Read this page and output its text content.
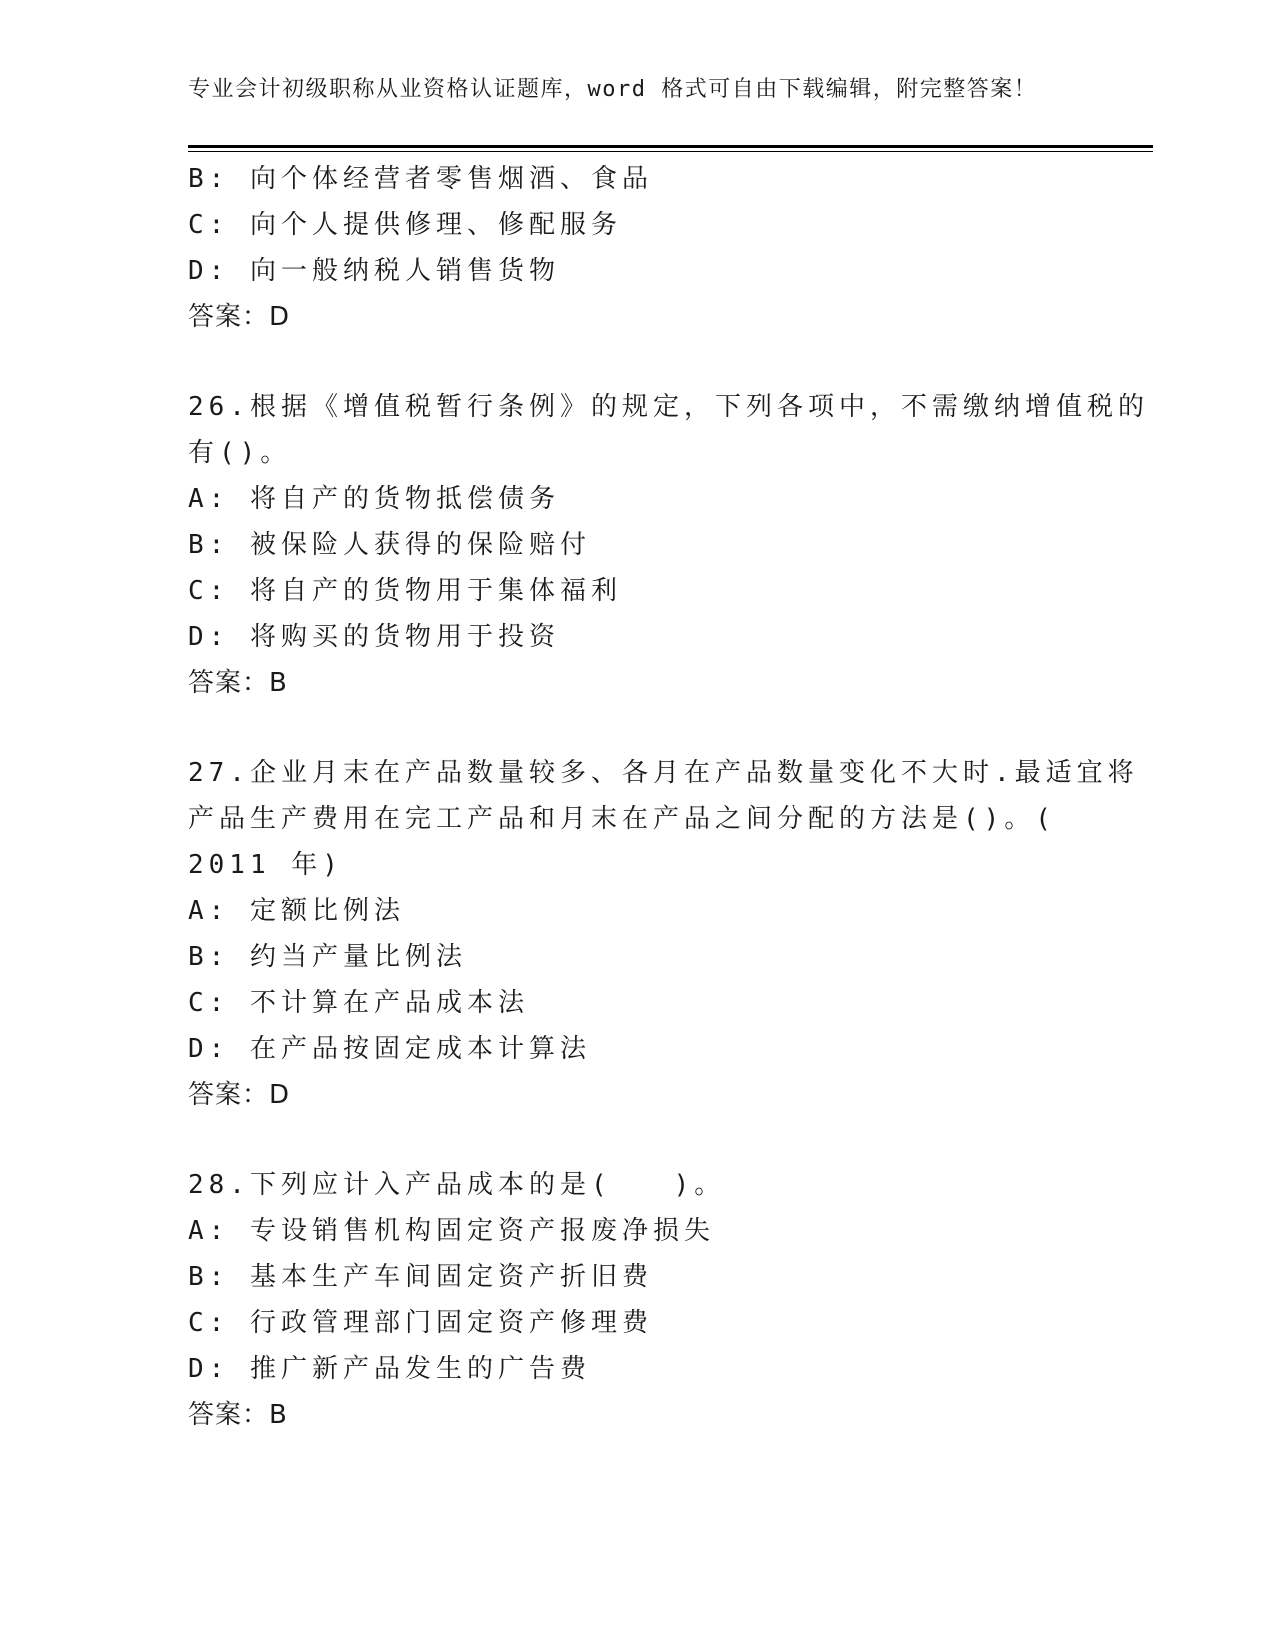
专业会计初级职称从业资格认证题库，word 格式可自由下载编辑，附完整答案！
B: 向个体经营者零售烟酒、食品
C: 向个人提供修理、修配服务
D: 向一般纳税人销售货物
答案：D
26.根据《增值税暂行条例》的规定，下列各项中，不需缴纳增值税的
有()。
A: 将自产的货物抵偿债务
B: 被保险人获得的保险赔付
C: 将自产的货物用于集体福利
D: 将购买的货物用于投资
答案：B
27.企业月末在产品数量较多、各月在产品数量变化不大时.最适宜将
产品生产费用在完工产品和月末在产品之间分配的方法是()。(
2011 年)
A: 定额比例法
B: 约当产量比例法
C: 不计算在产品成本法
D: 在产品按固定成本计算法
答案：D
28.下列应计入产品成本的是(　　)。
A: 专设销售机构固定资产报废净损失
B: 基本生产车间固定资产折旧费
C: 行政管理部门固定资产修理费
D: 推广新产品发生的广告费
答案：B
